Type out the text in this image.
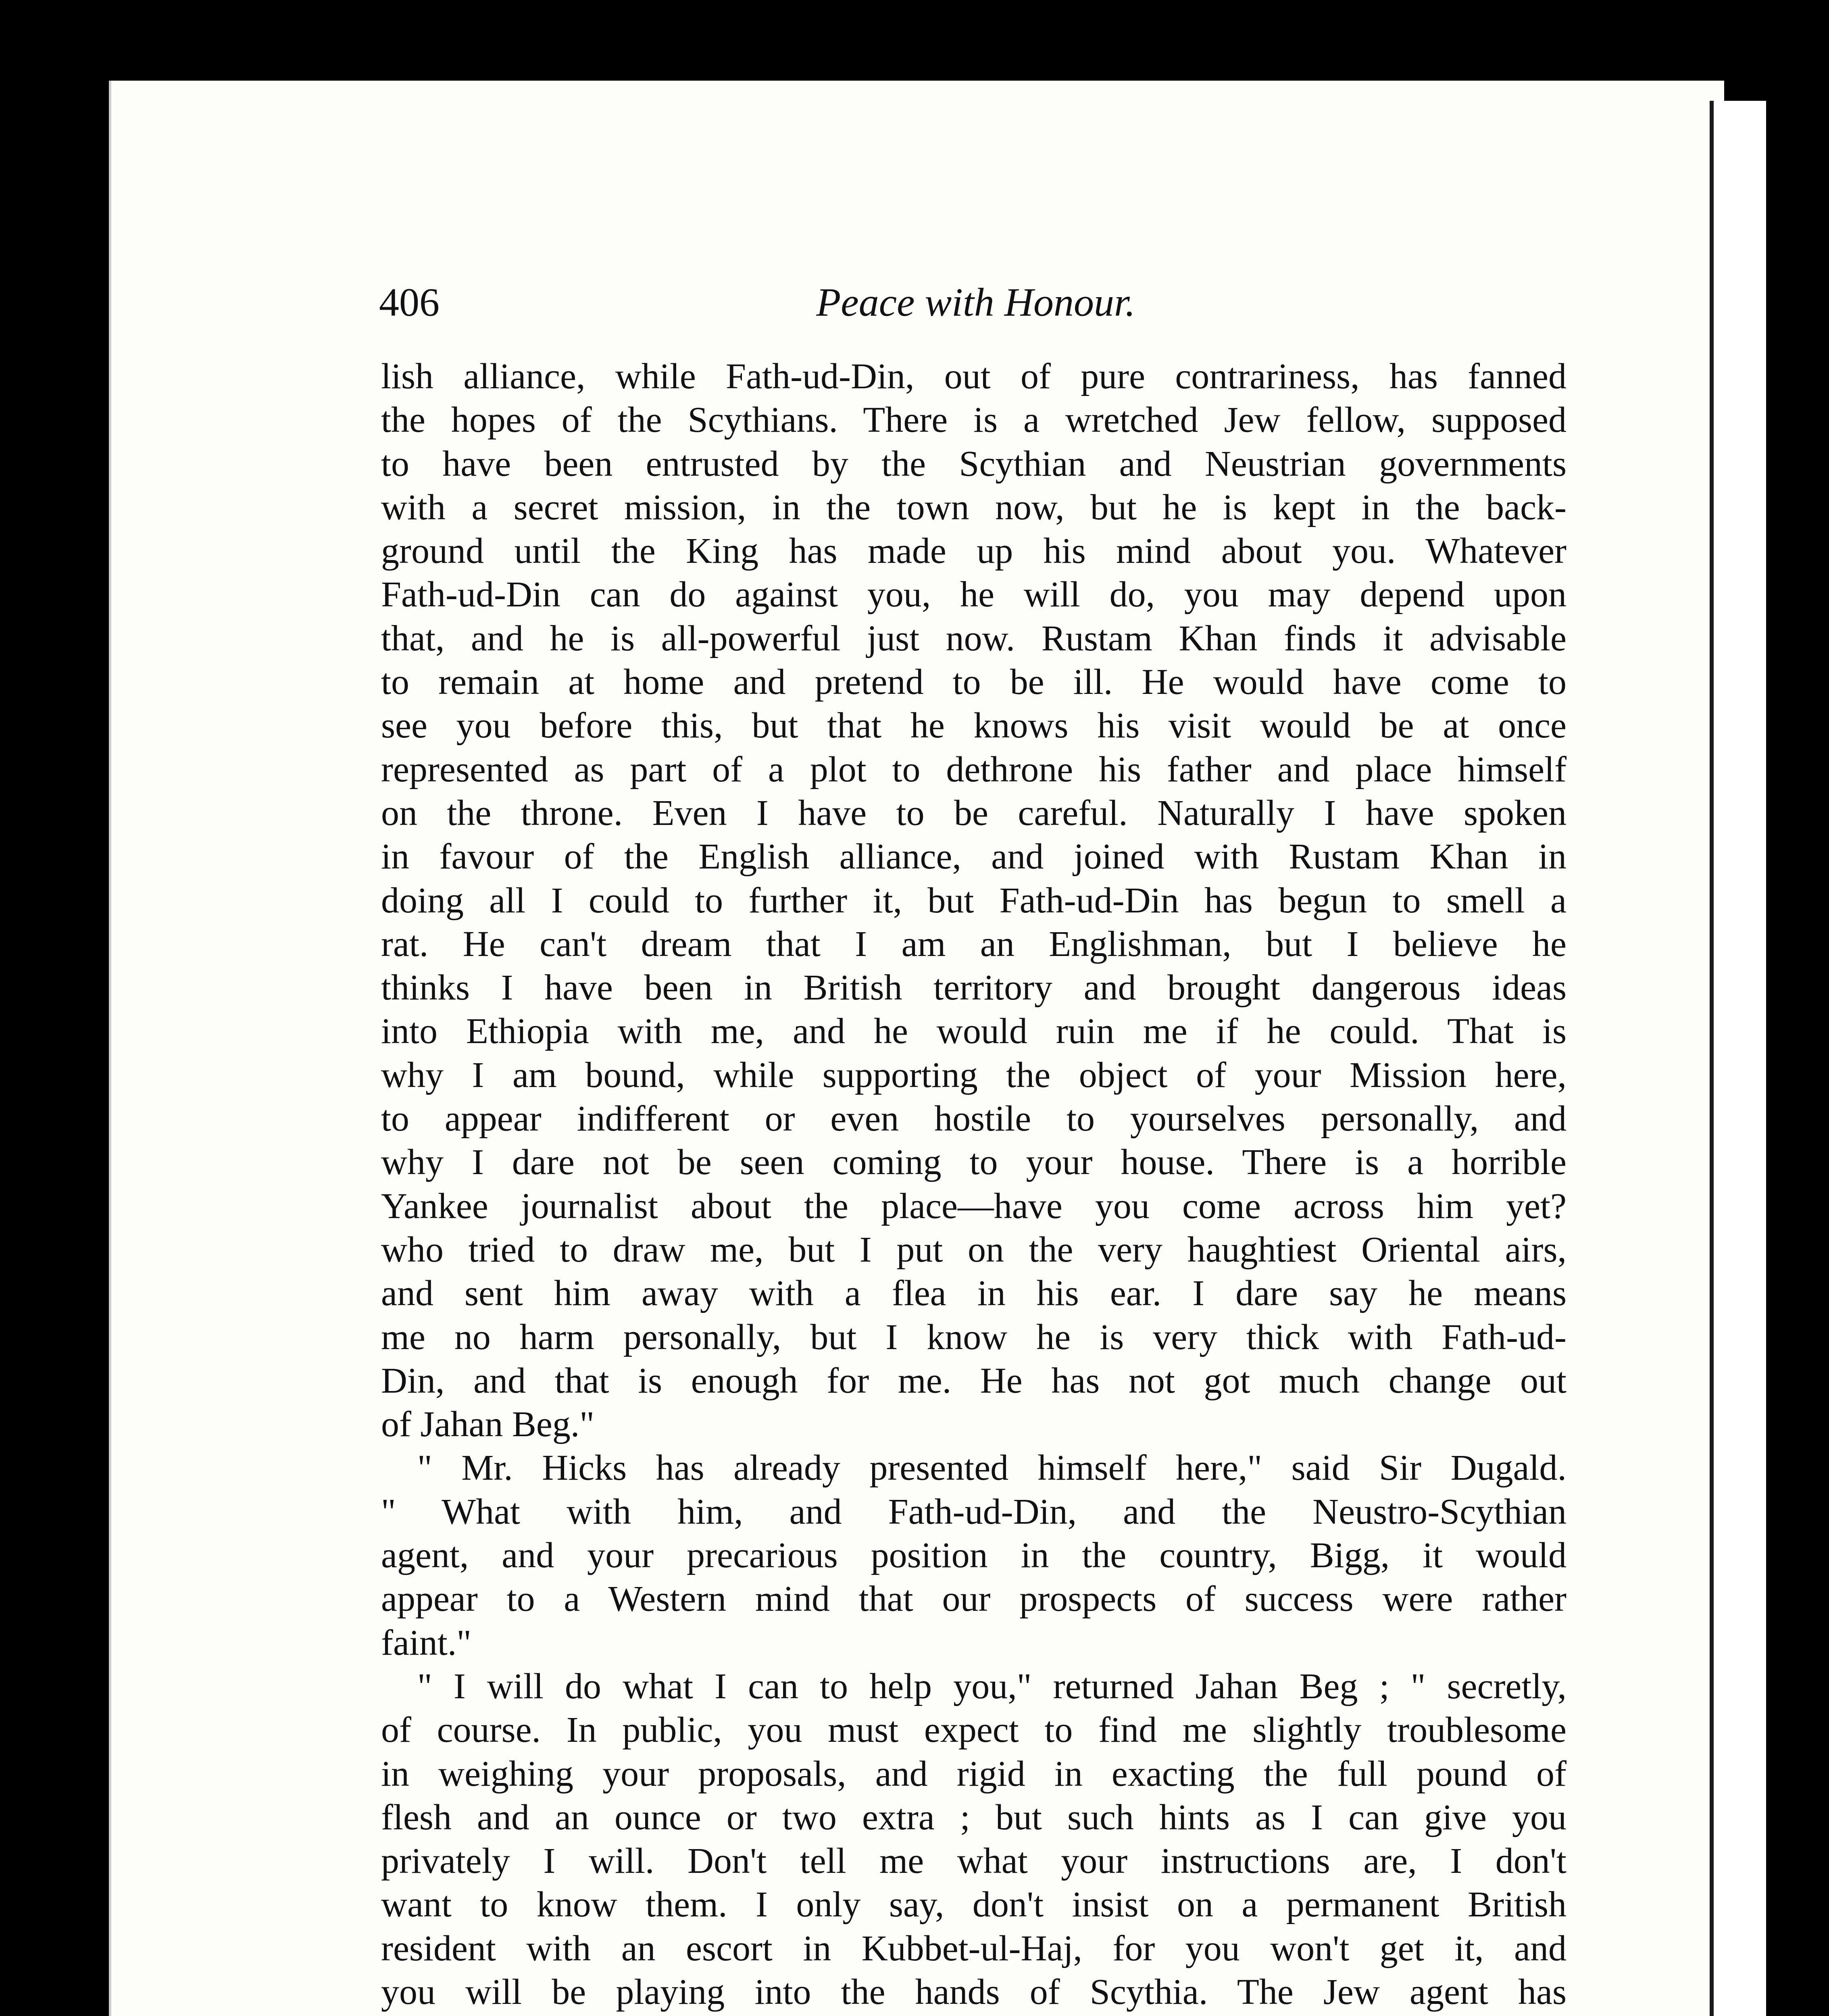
406	Peace with Honour.
lish alliance, while Fath-ud-Din, out of pure contrariness, has fanned
the hopes of the Scythians. There is a wretched Jew fellow, supposed
to have been entrusted by the Scythian and Neustrian governments
with a secret mission, in the town now, but he is kept in the back-
ground until the King has made up his mind about you. Whatever
Fath-ud-Din can do against you, he will do, you may depend upon
that, and he is all-powerful just now. Rustam Khan finds it advisable
to remain at home and pretend to be ill. He would have come to
see you before this, but that he knows his visit would be at once
represented as part of a plot to dethrone his father and place himself
on the throne. Even I have to be careful. Naturally I have spoken
in favour of the English alliance, and joined with Rustam Khan in
doing all I could to further it, but Fath-ud-Din has begun to smell a
rat. He can't dream that I am an Englishman, but I believe he
thinks I have been in British territory and brought dangerous ideas
into Ethiopia with me, and he would ruin me if he could. That is
why I am bound, while supporting the object of your Mission here,
to appear indifferent or even hostile to yourselves personally, and
why I dare not be seen coming to your house. There is a horrible
Yankee journalist about the place—have you come across him yet?
who tried to draw me, but I put on the very haughtiest Oriental airs,
and sent him away with a flea in his ear. I dare say he means
me no harm personally, but I know he is very thick with Fath-ud-
Din, and that is enough for me. He has not got much change out
of Jahan Beg."
" Mr. Hicks has already presented himself here," said Sir Dugald.
" What with him, and Fath-ud-Din, and the Neustro-Scythian
agent, and your precarious position in the country, Bigg, it would
appear to a Western mind that our prospects of success were rather
faint."
" I will do what I can to help you," returned Jahan Beg ; " secretly,
of course. In public, you must expect to find me slightly troublesome
in weighing your proposals, and rigid in exacting the full pound of
flesh and an ounce or two extra ; but such hints as I can give you
privately I will. Don't tell me what your instructions are, I don't
want to know them. I only say, don't insist on a permanent British
resident with an escort in Kubbet-ul-Haj, for you won't get it, and
you will be playing into the hands of Scythia. The Jew agent has
